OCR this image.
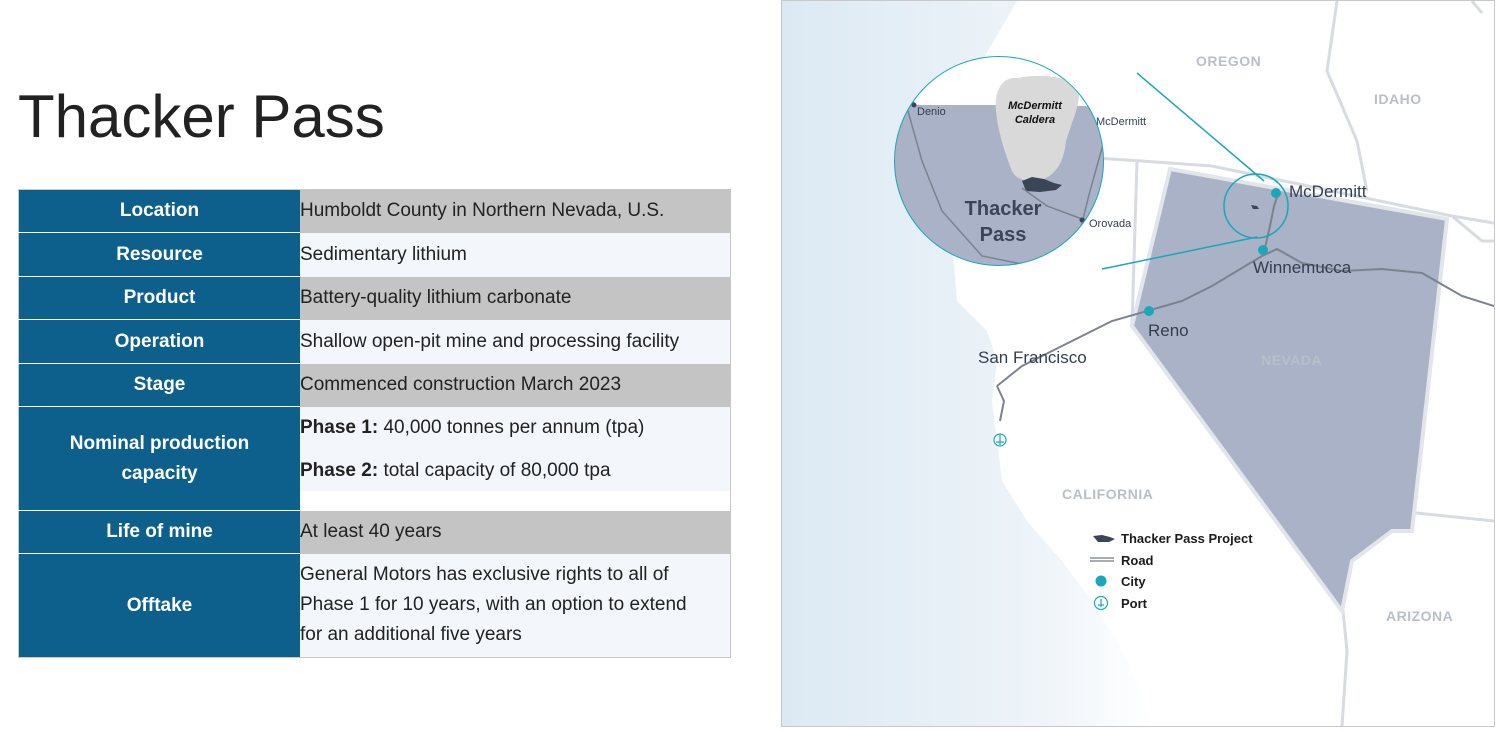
Thacker Pass
Location	Humboldt County in Northern Nevada, U.S.
Resource	Sedimentary lithium
Product	Battery-quality lithium carbonate
Operation	Shallow open-pit mine and processing facility
Stage	Commenced construction March 2023
Nominal production capacity	Phase 1: 40,000 tonnes per annum (tpa)

Phase 2: total capacity of 80,000 tpa

Life of mine	At least 40 years
Offtake	General Motors has exclusive rights to all of Phase 1 for 10 years, with an option to extend for an additional five years
OREGON
IDAHO
NEVADA
CALIFORNIA
ARIZONA
McDermitt
Winnemucca
Reno
San Francisco
McDermitt Caldera
Thacker Pass
Denio
McDermitt
Orovada
Thacker Pass Project
Road
City
Port
